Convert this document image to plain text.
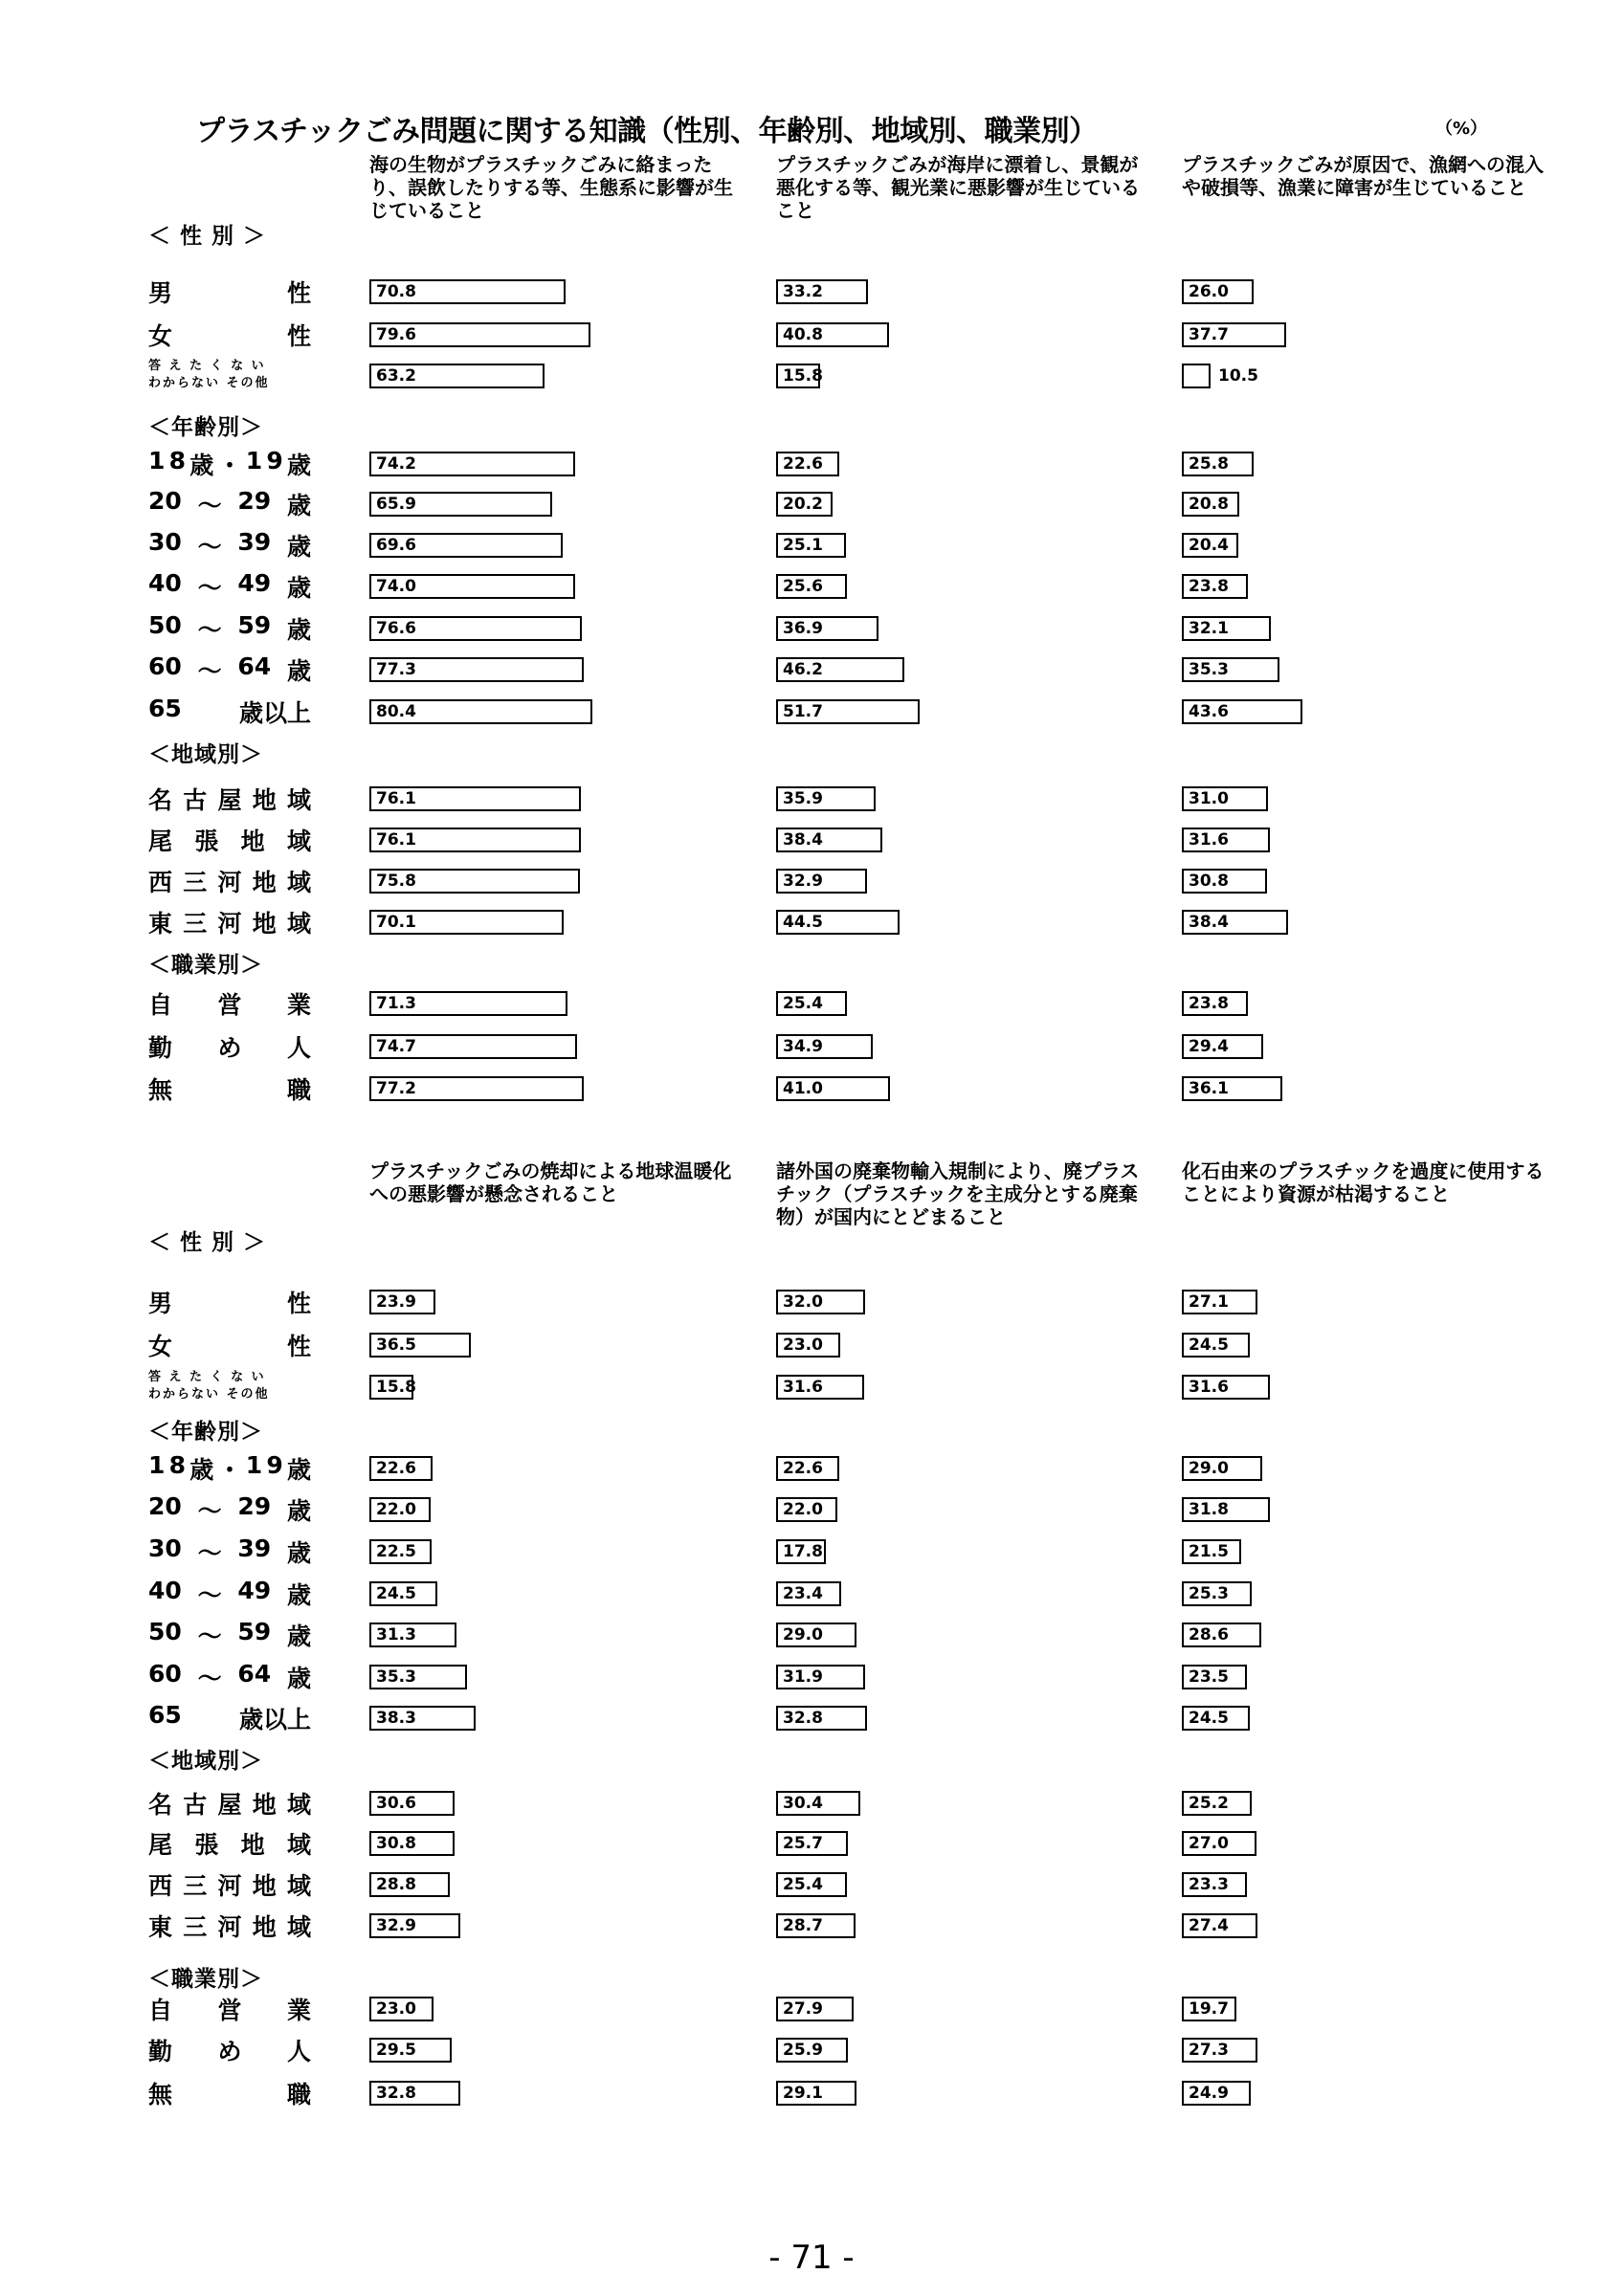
プラスチックごみ問題に関する知識（性別、年齢別、地域別、職業別）	（%）
海の生物がプラスチックごみに絡まったり、誤飲したりする等、生態系に影響が生じていること
プラスチックごみが海岸に漂着し、景観が悪化する等、観光業に悪影響が生じていること
プラスチックごみが原因で、漁網への混入や破損等、漁業に障害が生じていること
＜ 性 別 ＞
男	性	70.8	33.2	26.0
女	性	79.6	40.8	37.7
答 え た く な い
わからない その他	63.2	15.8	10.5
＜年齢別＞
1 8 歳 ・ 1 9 歳	74.2	22.6	25.8
20 ～ 29 歳	65.9	20.2	20.8
30 ～ 39 歳	69.6	25.1	20.4
40 ～ 49 歳	74.0	25.6	23.8
50 ～ 59 歳	76.6	36.9	32.1
60 ～ 64 歳	77.3	46.2	35.3
65 歳以上	80.4	51.7	43.6
＜地域別＞
名 古 屋 地 域	76.1	35.9	31.0
尾 張 地 域	76.1	38.4	31.6
西 三 河 地 域	75.8	32.9	30.8
東 三 河 地 域	70.1	44.5	38.4
＜職業別＞
自 営 業	71.3	25.4	23.8
勤 め 人	74.7	34.9	29.4
無	職	77.2	41.0	36.1
プラスチックごみの焼却による地球温暖化への悪影響が懸念されること
諸外国の廃棄物輸入規制により、廃プラスチック（プラスチックを主成分とする廃棄物）が国内にとどまること
化石由来のプラスチックを過度に使用することにより資源が枯渇すること
＜ 性 別 ＞
男	性	23.9	32.0	27.1
女	性	36.5	23.0	24.5
答 え た く な い
わからない その他	15.8	31.6	31.6
＜年齢別＞
1 8 歳 ・ 1 9 歳	22.6	22.6	29.0
20 ～ 29 歳	22.0	22.0	31.8
30 ～ 39 歳	22.5	17.8	21.5
40 ～ 49 歳	24.5	23.4	25.3
50 ～ 59 歳	31.3	29.0	28.6
60 ～ 64 歳	35.3	31.9	23.5
65 歳以上	38.3	32.8	24.5
＜地域別＞
名 古 屋 地 域	30.6	30.4	25.2
尾 張 地 域	30.8	25.7	27.0
西 三 河 地 域	28.8	25.4	23.3
東 三 河 地 域	32.9	28.7	27.4
＜職業別＞
自 営 業	23.0	27.9	19.7
勤 め 人	29.5	25.9	27.3
無	職	32.8	29.1	24.9
- 71 -
